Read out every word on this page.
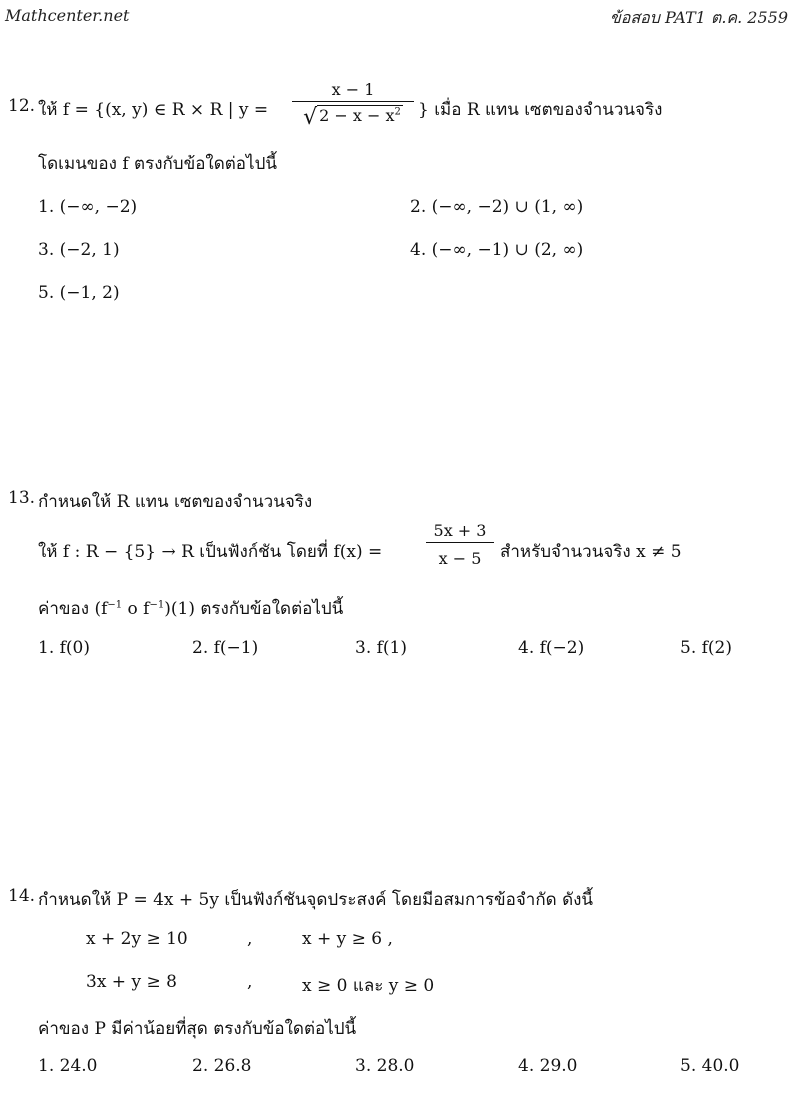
Mathcenter.net	ข้อสอบ PAT1 ต.ค. 2559
12. ให้ f = {(x, y) ∈ R × R | y =
x − 1
√ $2 - x - x^2$	} เมื่อ R แทน เซตของจำนวนจริง
โดเมนของ f ตรงกับข้อใดต่อไปนี้
1. (−∞, −2)	2. (−∞, −2) ∪ (1, ∞)
3. (−2, 1)	4. (−∞, −1) ∪ (2, ∞)
5. (−1, 2)
13. กำหนดให้ R แทน เซตของจำนวนจริง
ให้ f : R − {5} → R เป็นฟังก์ชัน โดยที่ f(x) =
5x + 3
x − 5	สำหรับจำนวนจริง x ≠ 5
ค่าของ ($f^{-1}$ o $f^{-1})(1)$ ตรงกับข้อใดต่อไปนี้
1. f(0)	2. f(−1)	3. f(1)	4. f(−2)	5. f(2)
14. กำหนดให้ P = 4x + 5y เป็นฟังก์ชันจุดประสงค์ โดยมีอสมการข้อจำกัด ดังนี้
x + 2y ≥ 10	,	x + y ≥ 6 ,
3x + y ≥ 8	,	x ≥ 0 และ y ≥ 0
ค่าของ P มีค่าน้อยที่สุด ตรงกับข้อใดต่อไปนี้
1. 24.0	2. 26.8	3. 28.0	4. 29.0	5. 40.0
